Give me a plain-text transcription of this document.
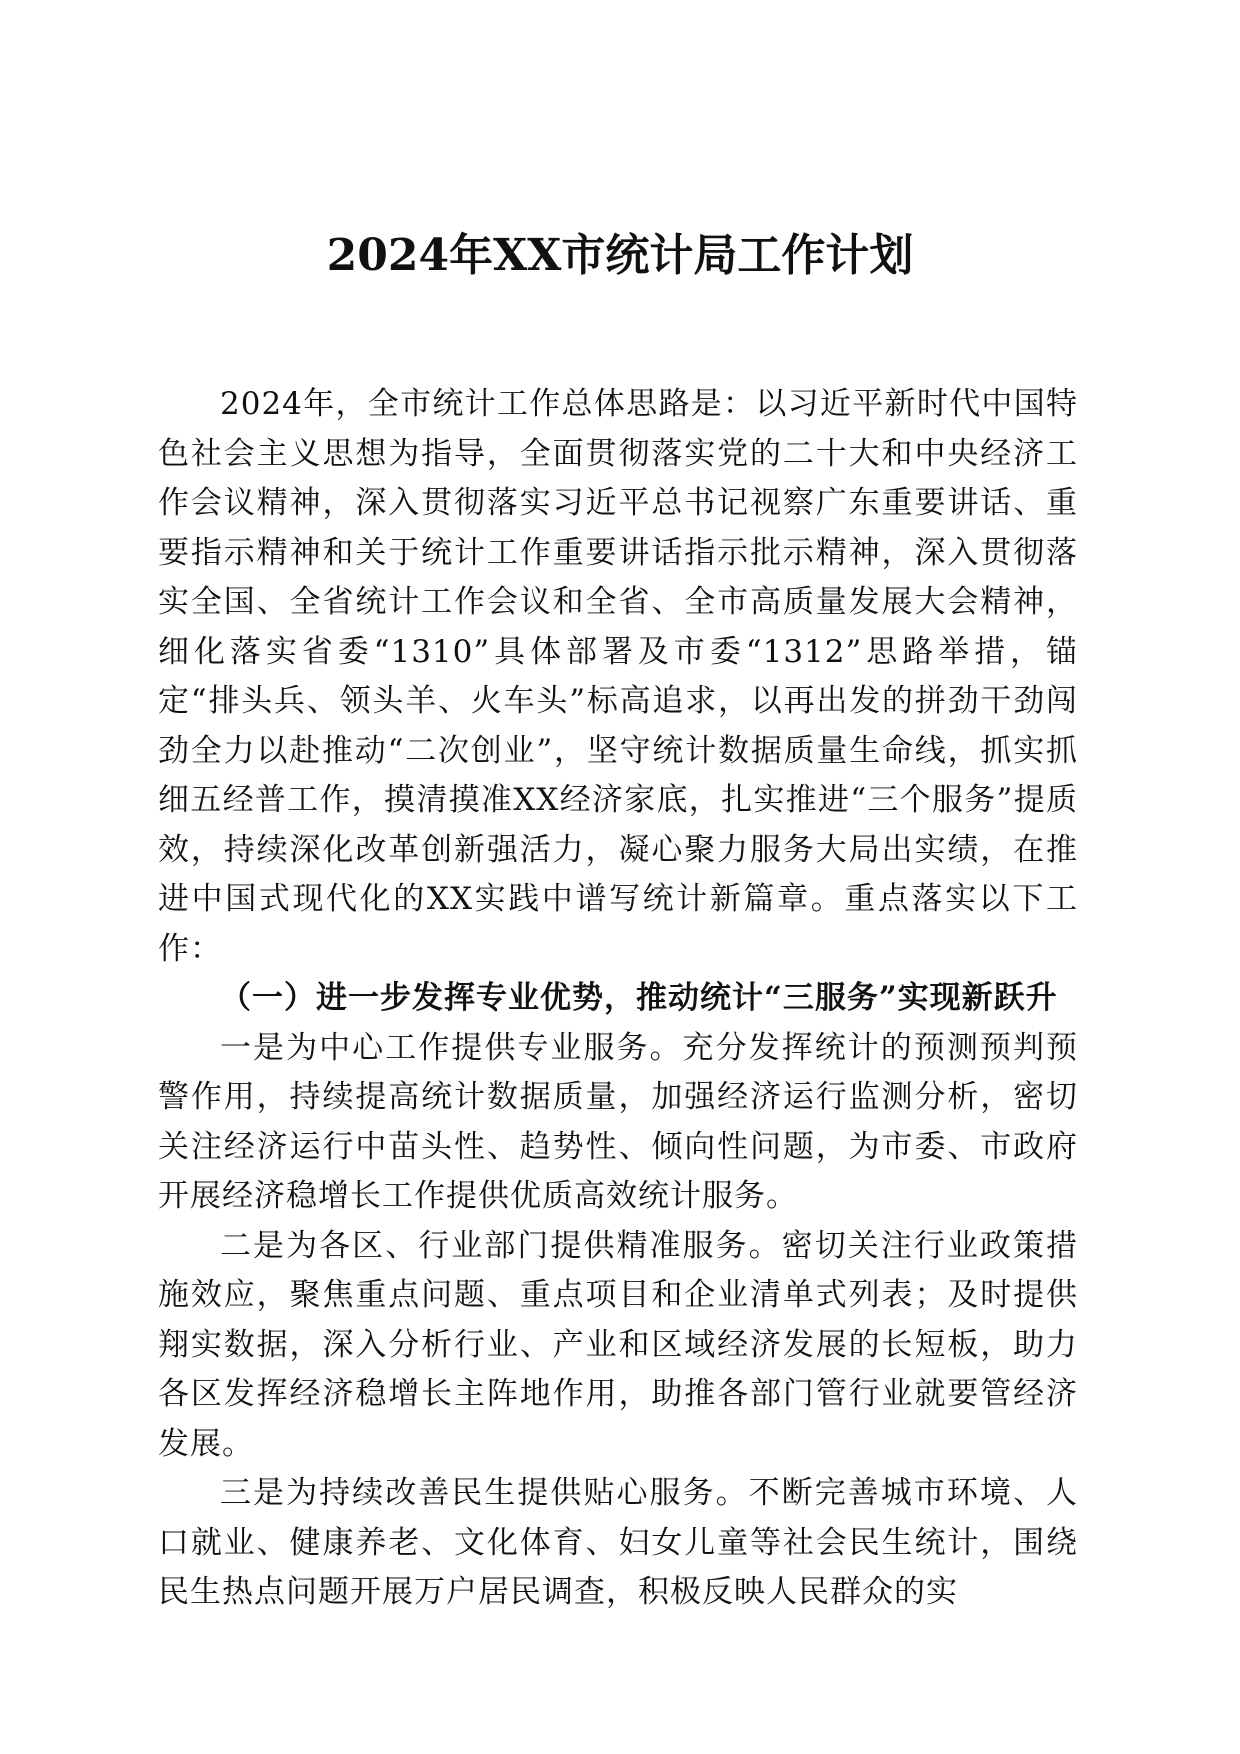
2024年XX市统计局工作计划

2024年，全市统计工作总体思路是：以习近平新时代中国特色社会主义思想为指导，全面贯彻落实党的二十大和中央经济工作会议精神，深入贯彻落实习近平总书记视察广东重要讲话、重要指示精神和关于统计工作重要讲话指示批示精神，深入贯彻落实全国、全省统计工作会议和全省、全市高质量发展大会精神，细化落实省委“1310”具体部署及市委“1312”思路举措，锚定“排头兵、领头羊、火车头”标高追求，以再出发的拼劲干劲闯劲全力以赴推动“二次创业”，坚守统计数据质量生命线，抓实抓细五经普工作，摸清摸准XX经济家底，扎实推进“三个服务”提质效，持续深化改革创新强活力，凝心聚力服务大局出实绩，在推进中国式现代化的XX实践中谱写统计新篇章。重点落实以下工作：

（一）进一步发挥专业优势，推动统计“三服务”实现新跃升

一是为中心工作提供专业服务。充分发挥统计的预测预判预警作用，持续提高统计数据质量，加强经济运行监测分析，密切关注经济运行中苗头性、趋势性、倾向性问题，为市委、市政府开展经济稳增长工作提供优质高效统计服务。

二是为各区、行业部门提供精准服务。密切关注行业政策措施效应，聚焦重点问题、重点项目和企业清单式列表；及时提供翔实数据，深入分析行业、产业和区域经济发展的长短板，助力各区发挥经济稳增长主阵地作用，助推各部门管行业就要管经济发展。

三是为持续改善民生提供贴心服务。不断完善城市环境、人口就业、健康养老、文化体育、妇女儿童等社会民生统计，围绕民生热点问题开展万户居民调查，积极反映人民群众的实
